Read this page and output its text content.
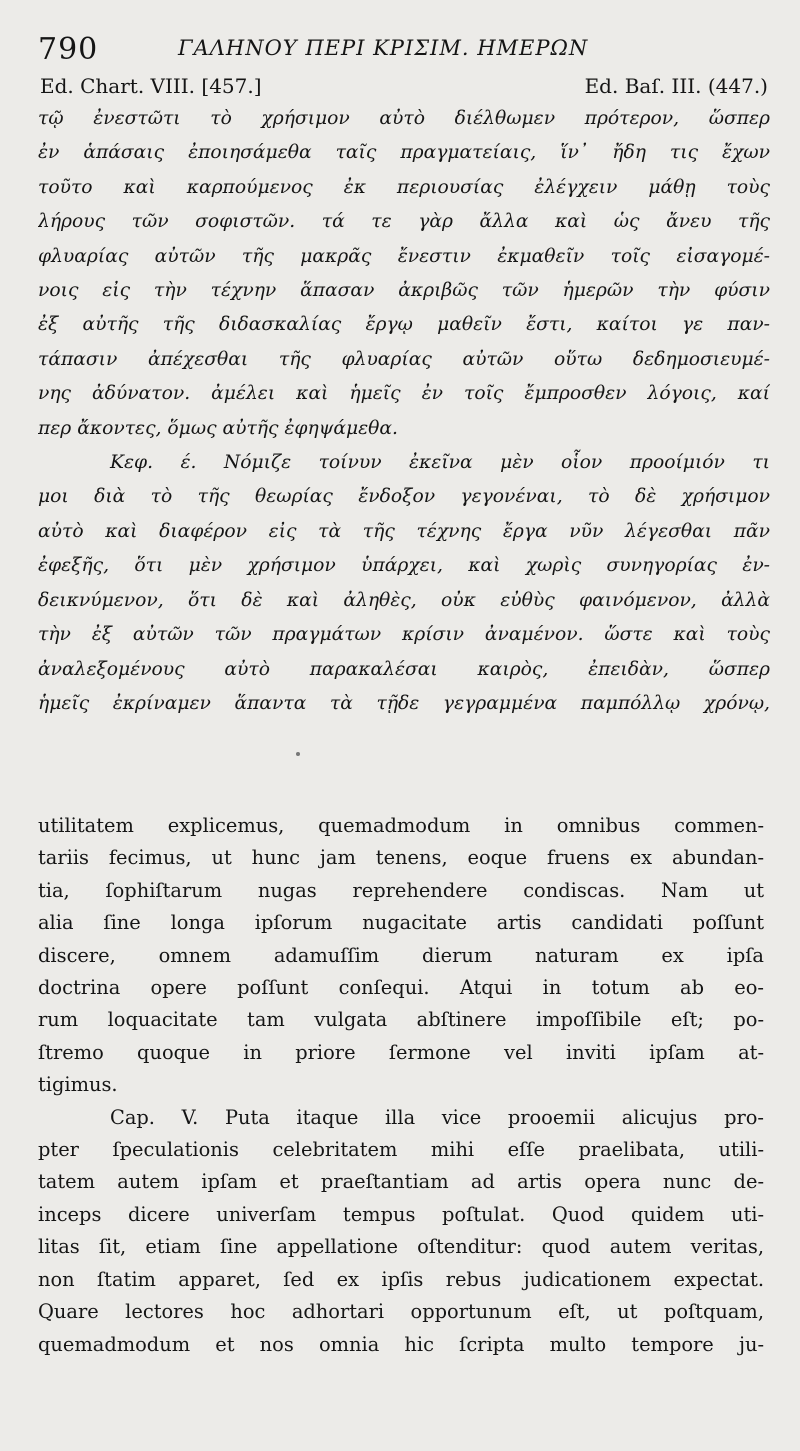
790	ΓΑΛΗΝΟΥ ΠΕΡΙ ΚΡΙΣΙΜ. ΗΜΕΡΩΝ
Ed. Chart. VIII. [457.]	Ed. Baſ. III. (447.)
τῷ ἐνεστῶτι τὸ χρήσιμον αὐτὸ διέλθωμεν πρότερον, ὥσπερ
ἐν ἁπάσαις ἐποιησάμεθα ταῖς πραγματείαις, ἵν᾿ ἤδη τις ἔχων
τοῦτο καὶ καρπούμενος ἐκ περιουσίας ἐλέγχειν μάθῃ τοὺς
λήρους τῶν σοφιστῶν. τά τε γὰρ ἄλλα καὶ ὡς ἄνευ τῆς
φλυαρίας αὐτῶν τῆς μακρᾶς ἔνεστιν ἐκμαθεῖν τοῖς εἰσαγομέ-
νοις εἰς τὴν τέχνην ἅπασαν ἀκριβῶς τῶν ἡμερῶν τὴν φύσιν
ἐξ αὐτῆς τῆς διδασκαλίας ἔργῳ μαθεῖν ἔστι, καίτοι γε παν-
τάπασιν ἀπέχεσθαι τῆς φλυαρίας αὐτῶν οὕτω δεδημοσιευμέ-
νης ἀδύνατον. ἀμέλει καὶ ἡμεῖς ἐν τοῖς ἔμπροσθεν λόγοις, καί
περ ἄκοντες, ὅμως αὐτῆς ἐφηψάμεθα.
Κεφ. έ. Νόμιζε τοίνυν ἐκεῖνα μὲν οἷον προοίμιόν τι
μοι διὰ τὸ τῆς θεωρίας ἔνδοξον γεγονέναι, τὸ δὲ χρήσιμον
αὐτὸ καὶ διαφέρον εἰς τὰ τῆς τέχνης ἔργα νῦν λέγεσθαι πᾶν
ἐφεξῆς, ὅτι μὲν χρήσιμον ὑπάρχει, καὶ χωρὶς συνηγορίας ἐν-
δεικνύμενον, ὅτι δὲ καὶ ἀληθὲς, οὐκ εὐθὺς φαινόμενον, ἀλλὰ
τὴν ἐξ αὐτῶν τῶν πραγμάτων κρίσιν ἀναμένον. ὥστε καὶ τοὺς
ἀναλεξομένους αὐτὸ παρακαλέσαι καιρὸς, ἐπειδὰν, ὥσπερ
ἡμεῖς ἐκρίναμεν ἅπαντα τὰ τῇδε γεγραμμένα παμπόλλῳ χρόνῳ,
utilitatem explicemus, quemadmodum in omnibus commen-
tariis fecimus, ut hunc jam tenens, eoque fruens ex abundan-
tia, ſophiſtarum nugas reprehendere condiscas. Nam ut
alia ſine longa ipſorum nugacitate artis candidati poſſunt
discere, omnem adamuſſim dierum naturam ex ipſa
doctrina opere poſſunt conſequi. Atqui in totum ab eo-
rum loquacitate tam vulgata abſtinere impoſſibile eſt; po-
ſtremo quoque in priore ſermone vel inviti ipſam at-
tigimus.
Cap. V. Puta itaque illa vice prooemii alicujus pro-
pter ſpeculationis celebritatem mihi eſſe praelibata, utili-
tatem autem ipſam et praeſtantiam ad artis opera nunc de-
inceps dicere univerſam tempus poſtulat. Quod quidem uti-
litas ſit, etiam ſine appellatione oſtenditur: quod autem veritas,
non ſtatim apparet, ſed ex ipſis rebus judicationem expectat.
Quare lectores hoc adhortari opportunum eſt, ut poſtquam,
quemadmodum et nos omnia hic ſcripta multo tempore ju-
